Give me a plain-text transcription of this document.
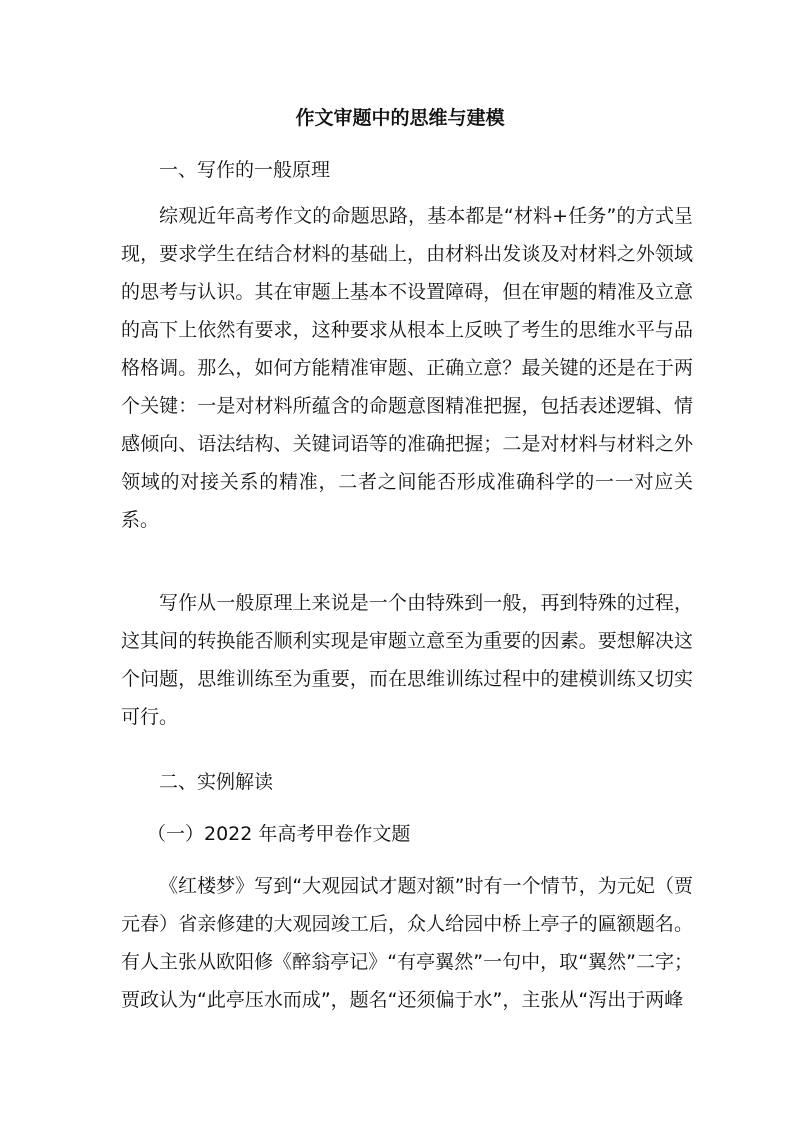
作文审题中的思维与建模
一、写作的一般原理

综观近年高考作文的命题思路，基本都是“材料+任务”的方式呈现，要求学生在结合材料的基础上，由材料出发谈及对材料之外领域的思考与认识。其在审题上基本不设置障碍，但在审题的精准及立意的高下上依然有要求，这种要求从根本上反映了考生的思维水平与品格格调。那么，如何方能精准审题、正确立意？最关键的还是在于两个关键：一是对材料所蕴含的命题意图精准把握，包括表述逻辑、情感倾向、语法结构、关键词语等的准确把握；二是对材料与材料之外领域的对接关系的精准，二者之间能否形成准确科学的一一对应关系。

写作从一般原理上来说是一个由特殊到一般，再到特殊的过程，这其间的转换能否顺利实现是审题立意至为重要的因素。要想解决这个问题，思维训练至为重要，而在思维训练过程中的建模训练又切实可行。

二、实例解读
（一）2022 年高考甲卷作文题

《红楼梦》写到“大观园试才题对额”时有一个情节，为元妃（贾元春）省亲修建的大观园竣工后，众人给园中桥上亭子的匾额题名。有人主张从欧阳修《醉翁亭记》“有亭翼然”一句中，取“翼然”二字；贾政认为“此亭压水而成”，题名“还须偏于水”，主张从“泻出于两峰
